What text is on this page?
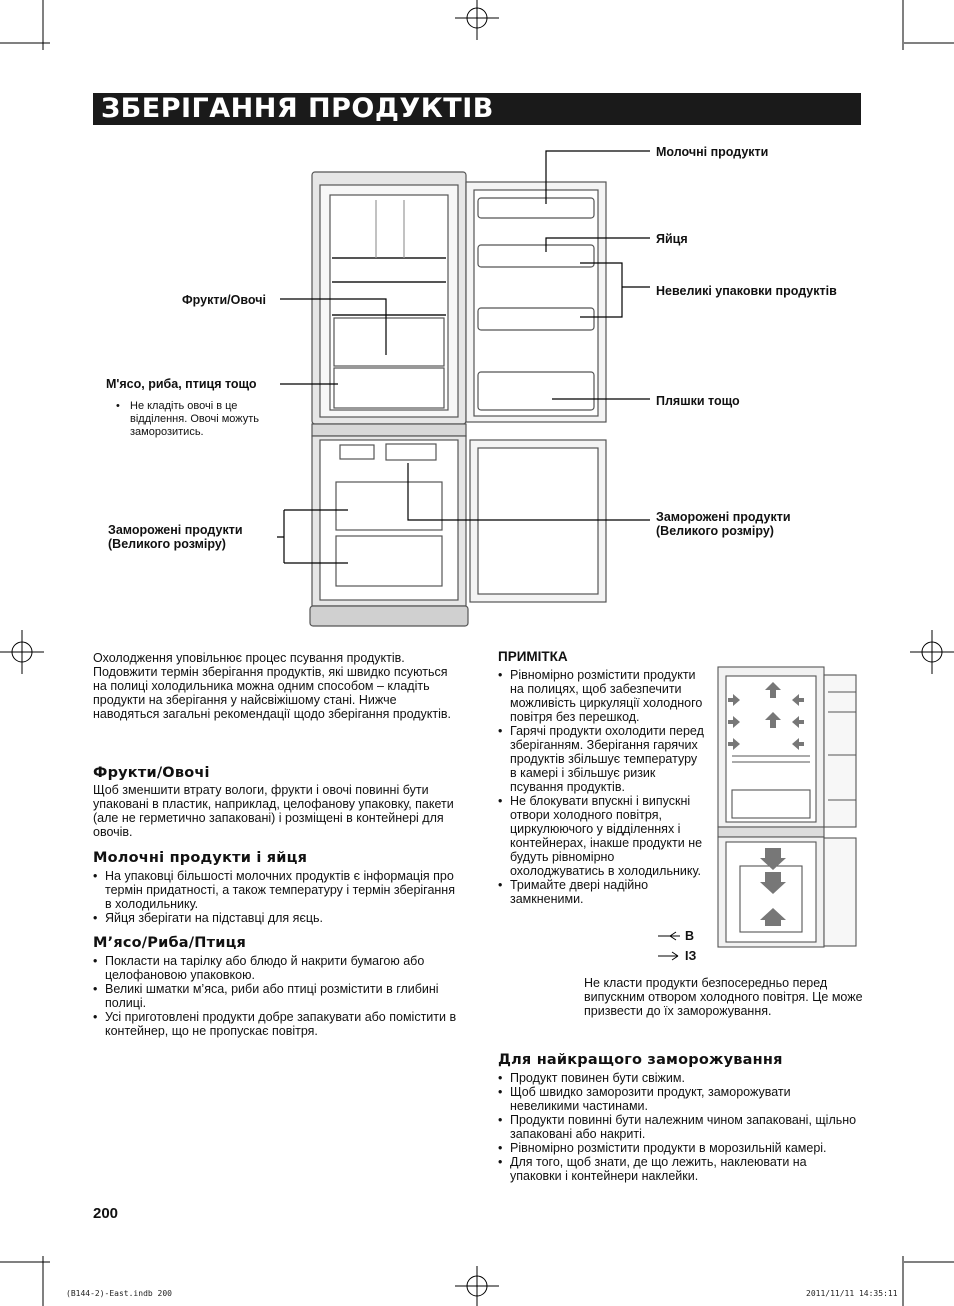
ЗБЕРІГАННЯ ПРОДУКТІВ
Молочні продукти
Яйця
Невеликі упаковки продуктів
Фрукти/Овочі
М'ясо, риба, птиця тощо
• Не кладіть овочі в це відділення. Овочі можуть заморозитись.
Пляшки тощо
Заморожені продукти
(Великого розміру)
Заморожені продукти
(Великого розміру)
Охолодження уповільнює процес псування продуктів. Подовжити термін зберігання продуктів, які швидко псуються на полиці холодильника можна одним способом – кладіть продукти на зберігання у найсвіжішому стані. Нижче наводяться загальні рекомендації щодо зберігання продуктів.
Фрукти/Овочі
Щоб зменшити втрату вологи, фрукти і овочі повинні бути упаковані в пластик, наприклад, целофанову упаковку, пакети (але не герметично запаковані) і розміщені в контейнері для овочів.
Молочні продукти і яйця
• На упаковці більшості молочних продуктів є інформація про термін придатності, а також температуру і термін зберігання в холодильнику.
• Яйця зберігати на підставці для яєць.
М’ясо/Риба/Птиця
• Покласти на тарілку або блюдо й накрити бумагою або целофановою упаковкою.
• Великі шматки м’яса, риби або птиці розмістити в глибині полиці.
• Усі приготовлені продукти добре запакувати або помістити в контейнер, що не пропускає повітря.
ПРИМІТКА
• Рівномірно розмістити продукти на полицях, щоб забезпечити можливість циркуляції холодного повітря без перешкод.
• Гарячі продукти охолодити перед зберіганням. Зберігання гарячих продуктів збільшує температуру в камері і збільшує ризик псування продуктів.
• Не блокувати впускні і випускні отвори холодного повітря, циркулюючого у відділеннях і контейнерах, інакше продукти не будуть рівномірно охолоджуватись в холодильнику.
• Тримайте двері надійно замкненими.
В
ІЗ
Не класти продукти безпосередньо перед випускним отвором холодного повітря. Це може призвести до їх заморожування.
Для найкращого заморожування
• Продукт повинен бути свіжим.
• Щоб швидко заморозити продукт, заморожувати невеликими частинами.
• Продукти повинні бути належним чином запаковані, щільно запаковані або накриті.
• Рівномірно розмістити продукти в морозильній камері.
• Для того, щоб знати, де що лежить, наклеювати на упаковки і контейнери наклейки.
200
(B144-2)-East.indb 200	2011/11/11 14:35:11
